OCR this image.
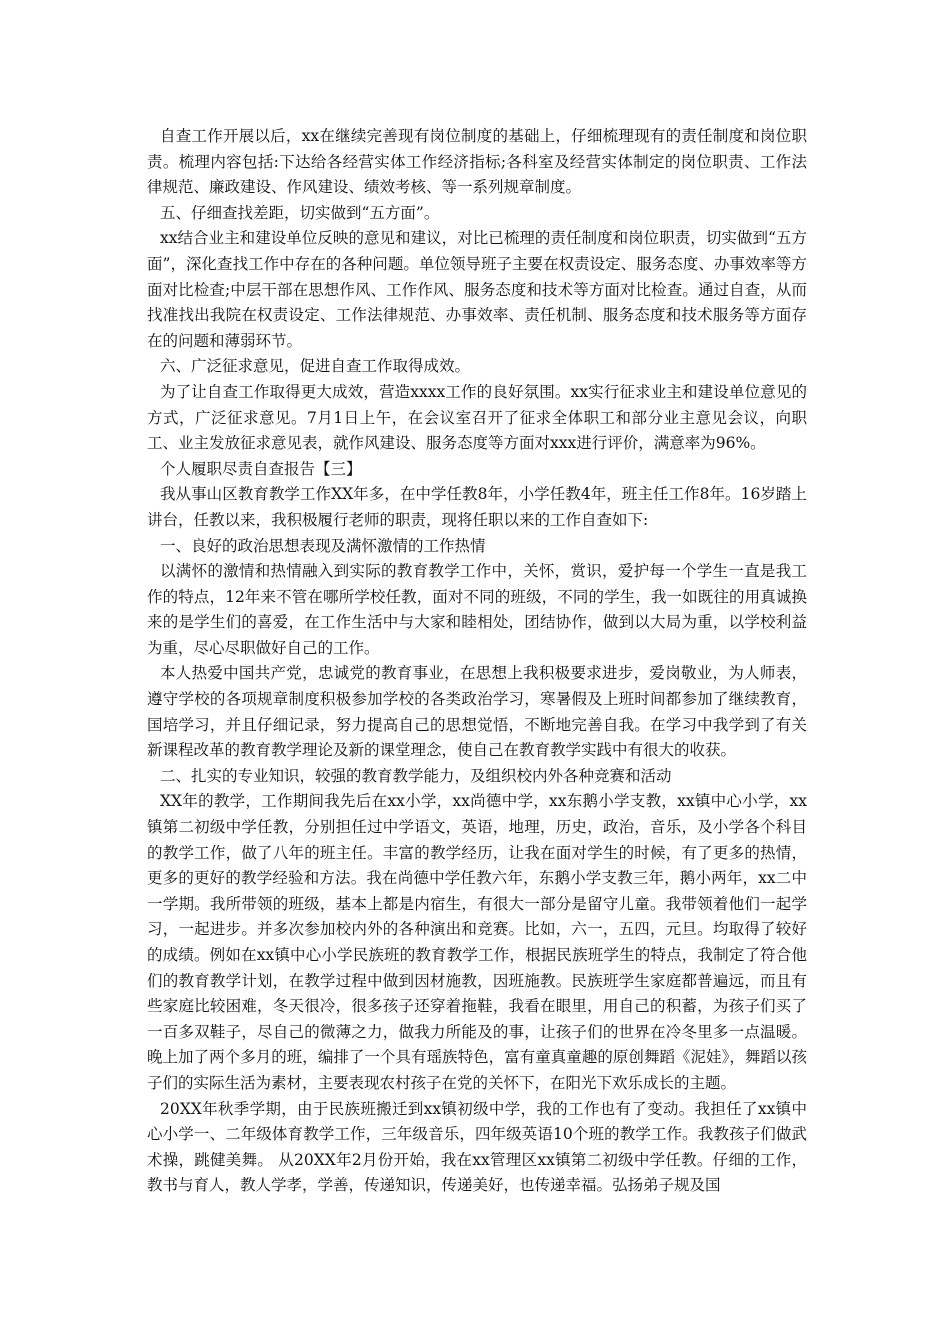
自查工作开展以后，xx在继续完善现有岗位制度的基础上，仔细梳理现有的责任制度和岗位职责。梳理内容包括:下达给各经营实体工作经济指标;各科室及经营实体制定的岗位职责、工作法律规范、廉政建设、作风建设、绩效考核、等一系列规章制度。

五、仔细查找差距，切实做到“五方面”。

xx结合业主和建设单位反映的意见和建议，对比已梳理的责任制度和岗位职责，切实做到“五方面”，深化查找工作中存在的各种问题。单位领导班子主要在权责设定、服务态度、办事效率等方面对比检查;中层干部在思想作风、工作作风、服务态度和技术等方面对比检查。通过自查，从而找准找出我院在权责设定、工作法律规范、办事效率、责任机制、服务态度和技术服务等方面存在的问题和薄弱环节。

六、广泛征求意见，促进自查工作取得成效。

为了让自查工作取得更大成效，营造xxxx工作的良好氛围。xx实行征求业主和建设单位意见的方式，广泛征求意见。7月1日上午，在会议室召开了征求全体职工和部分业主意见会议，向职工、业主发放征求意见表，就作风建设、服务态度等方面对xxx进行评价，满意率为96%。

个人履职尽责自查报告【三】

我从事山区教育教学工作XX年多，在中学任教8年，小学任教4年，班主任工作8年。16岁踏上讲台，任教以来，我积极履行老师的职责，现将任职以来的工作自查如下:

一、良好的政治思想表现及满怀激情的工作热情

以满怀的激情和热情融入到实际的教育教学工作中，关怀，赏识，爱护每一个学生一直是我工作的特点，12年来不管在哪所学校任教，面对不同的班级，不同的学生，我一如既往的用真诚换来的是学生们的喜爱，在工作生活中与大家和睦相处，团结协作，做到以大局为重，以学校利益为重，尽心尽职做好自己的工作。

本人热爱中国共产党，忠诚党的教育事业，在思想上我积极要求进步，爱岗敬业，为人师表，遵守学校的各项规章制度积极参加学校的各类政治学习，寒暑假及上班时间都参加了继续教育，国培学习，并且仔细记录，努力提高自己的思想觉悟，不断地完善自我。在学习中我学到了有关新课程改革的教育教学理论及新的课堂理念，使自己在教育教学实践中有很大的收获。

二、扎实的专业知识，较强的教育教学能力，及组织校内外各种竞赛和活动

XX年的教学，工作期间我先后在xx小学，xx尚德中学，xx东鹅小学支教，xx镇中心小学，xx镇第二初级中学任教，分别担任过中学语文，英语，地理，历史，政治，音乐，及小学各个科目的教学工作，做了八年的班主任。丰富的教学经历，让我在面对学生的时候，有了更多的热情，更多的更好的教学经验和方法。我在尚德中学任教六年，东鹅小学支教三年，鹅小两年，xx二中一学期。我所带领的班级，基本上都是内宿生，有很大一部分是留守儿童。我带领着他们一起学习，一起进步。并多次参加校内外的各种演出和竞赛。比如，六一，五四，元旦。均取得了较好的成绩。例如在xx镇中心小学民族班的教育教学工作，根据民族班学生的特点，我制定了符合他们的教育教学计划，在教学过程中做到因材施教，因班施教。民族班学生家庭都普遍远，而且有些家庭比较困难，冬天很冷，很多孩子还穿着拖鞋，我看在眼里，用自己的积蓄，为孩子们买了一百多双鞋子，尽自己的微薄之力，做我力所能及的事，让孩子们的世界在冷冬里多一点温暖。晚上加了两个多月的班，编排了一个具有瑶族特色，富有童真童趣的原创舞蹈《泥娃》，舞蹈以孩子们的实际生活为素材，主要表现农村孩子在党的关怀下，在阳光下欢乐成长的主题。

20XX年秋季学期，由于民族班搬迁到xx镇初级中学，我的工作也有了变动。我担任了xx镇中心小学一、二年级体育教学工作，三年级音乐，四年级英语10个班的教学工作。我教孩子们做武术操，跳健美舞。 从20XX年2月份开始，我在xx管理区xx镇第二初级中学任教。仔细的工作，教书与育人，教人学孝，学善，传递知识，传递美好，也传递幸福。弘扬弟子规及国
